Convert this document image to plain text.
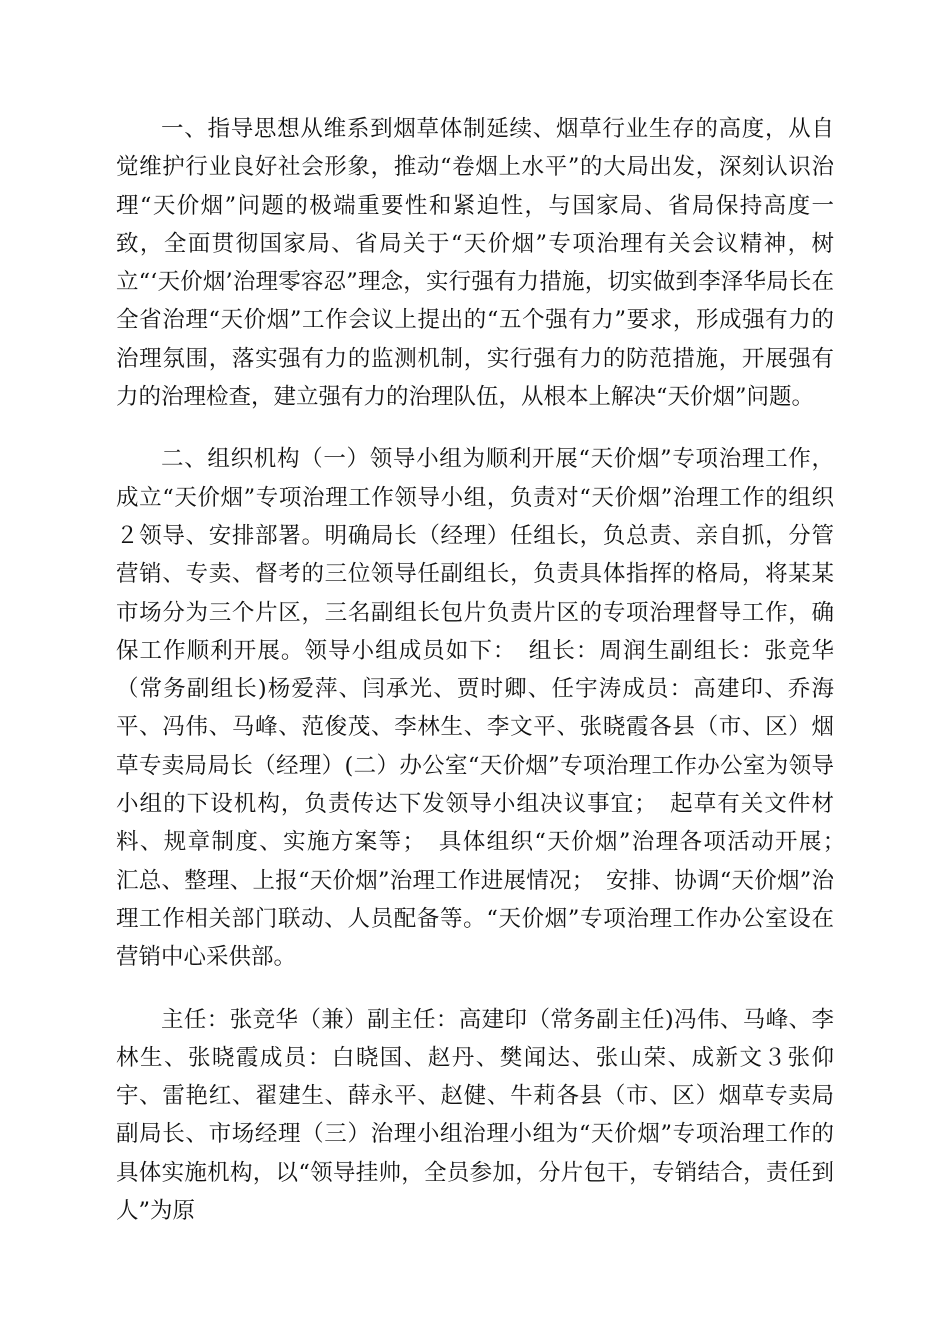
一、指导思想从维系到烟草体制延续、烟草行业生存的高度，从自觉维护行业良好社会形象，推动“卷烟上水平”的大局出发，深刻认识治理“天价烟”问题的极端重要性和紧迫性，与国家局、省局保持高度一致，全面贯彻国家局、省局关于“天价烟”专项治理有关会议精神，树立“‘天价烟’治理零容忍”理念，实行强有力措施，切实做到李泽华局长在全省治理“天价烟”工作会议上提出的“五个强有力”要求，形成强有力的治理氛围，落实强有力的监测机制，实行强有力的防范措施，开展强有力的治理检查，建立强有力的治理队伍，从根本上解决“天价烟”问题。

二、组织机构（一）领导小组为顺利开展“天价烟”专项治理工作，成立“天价烟”专项治理工作领导小组，负责对“天价烟”治理工作的组织２领导、安排部署。明确局长（经理）任组长，负总责、亲自抓，分管营销、专卖、督考的三位领导任副组长，负责具体指挥的格局，将某某市场分为三个片区，三名副组长包片负责片区的专项治理督导工作，确保工作顺利开展。领导小组成员如下：　组长：周润生副组长：张竞华（常务副组长)杨爱萍、闫承光、贾时卿、任宇涛成员：高建印、乔海平、冯伟、马峰、范俊茂、李林生、李文平、张晓霞各县（市、区）烟草专卖局局长（经理）(二）办公室“天价烟”专项治理工作办公室为领导小组的下设机构，负责传达下发领导小组决议事宜；　起草有关文件材料、规章制度、实施方案等；　具体组织“天价烟”治理各项活动开展；　汇总、整理、上报“天价烟”治理工作进展情况；　安排、协调“天价烟”治理工作相关部门联动、人员配备等。“天价烟”专项治理工作办公室设在营销中心采供部。

主任：张竞华（兼）副主任：高建印（常务副主任)冯伟、马峰、李林生、张晓霞成员：白晓国、赵丹、樊闻达、张山荣、成新文３张仰宇、雷艳红、翟建生、薛永平、赵健、牛莉各县（市、区）烟草专卖局副局长、市场经理（三）治理小组治理小组为“天价烟”专项治理工作的具体实施机构，以“领导挂帅，全员参加，分片包干，专销结合，责任到人”为原
